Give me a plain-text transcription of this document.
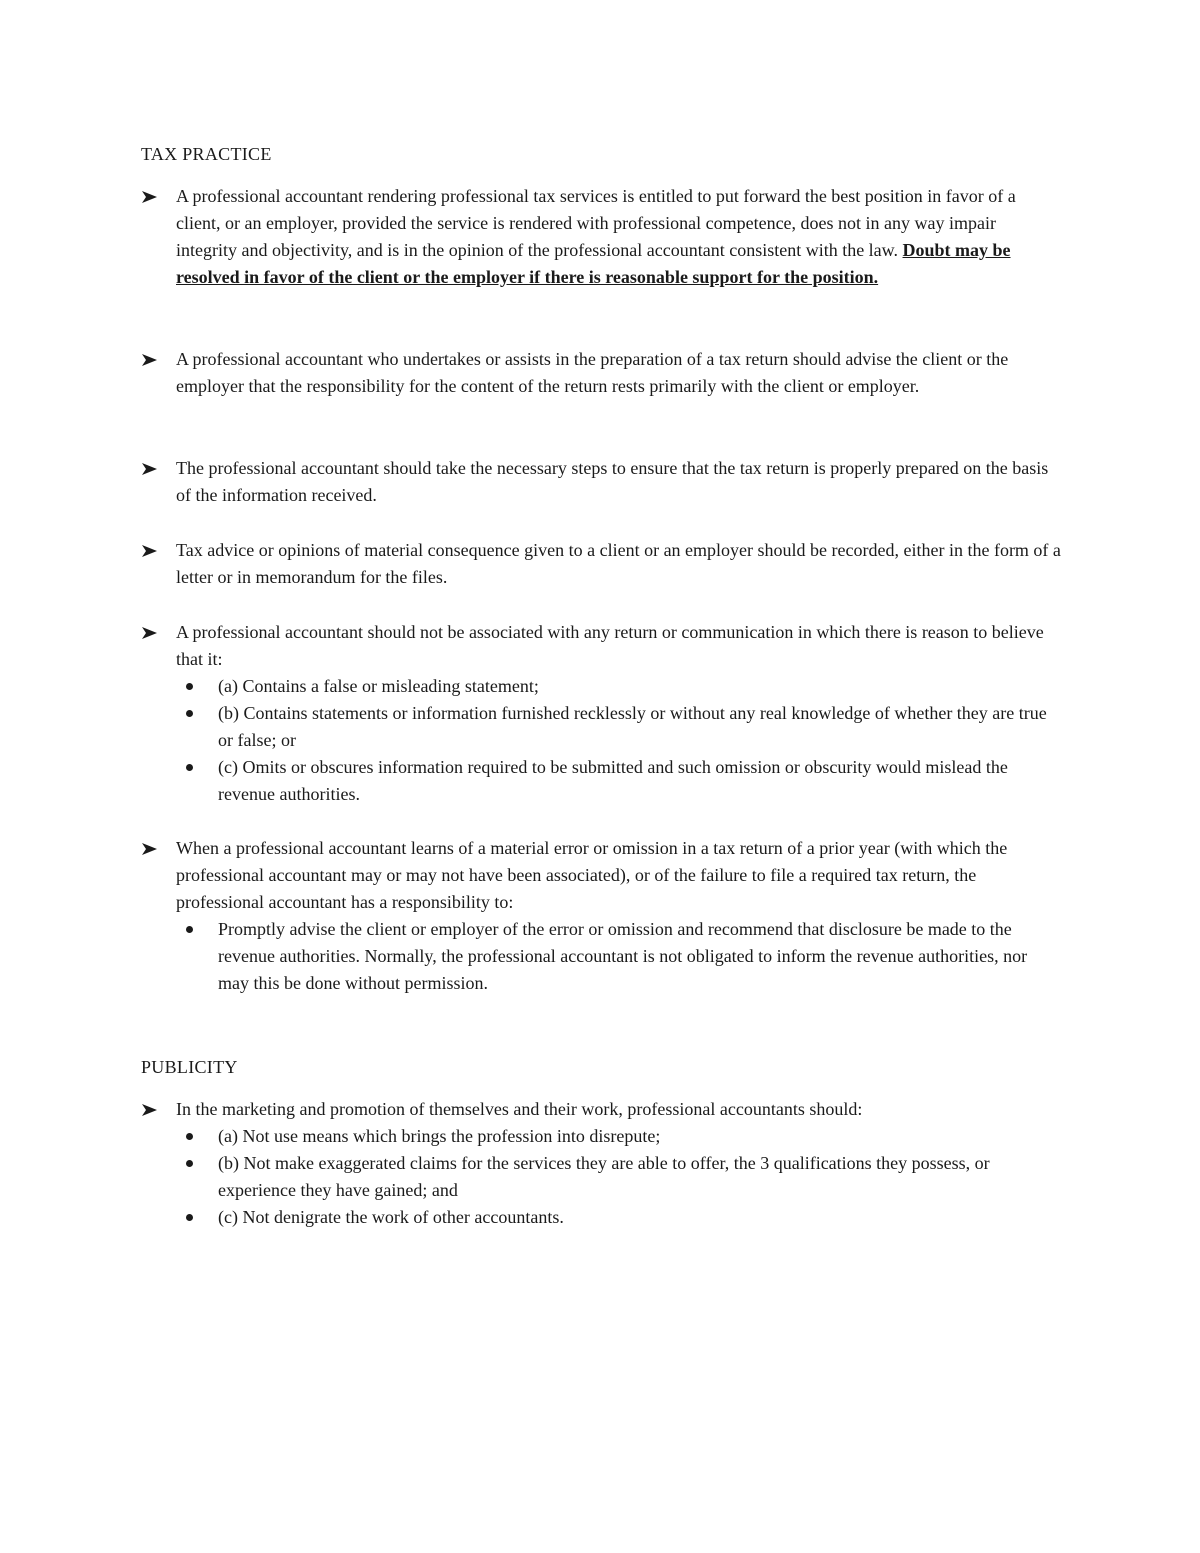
TAX PRACTICE
A professional accountant rendering professional tax services is entitled to put forward the best position in favor of a client, or an employer, provided the service is rendered with professional competence, does not in any way impair integrity and objectivity, and is in the opinion of the professional accountant consistent with the law. Doubt may be resolved in favor of the client or the employer if there is reasonable support for the position.
A professional accountant who undertakes or assists in the preparation of a tax return should advise the client or the employer that the responsibility for the content of the return rests primarily with the client or employer.
The professional accountant should take the necessary steps to ensure that the tax return is properly prepared on the basis of the information received.
Tax advice or opinions of material consequence given to a client or an employer should be recorded, either in the form of a letter or in memorandum for the files.
A professional accountant should not be associated with any return or communication in which there is reason to believe that it:
(a) Contains a false or misleading statement;
(b) Contains statements or information furnished recklessly or without any real knowledge of whether they are true or false; or
(c) Omits or obscures information required to be submitted and such omission or obscurity would mislead the revenue authorities.
When a professional accountant learns of a material error or omission in a tax return of a prior year (with which the professional accountant may or may not have been associated), or of the failure to file a required tax return, the professional accountant has a responsibility to:
Promptly advise the client or employer of the error or omission and recommend that disclosure be made to the revenue authorities. Normally, the professional accountant is not obligated to inform the revenue authorities, nor may this be done without permission.
PUBLICITY
In the marketing and promotion of themselves and their work, professional accountants should:
(a) Not use means which brings the profession into disrepute;
(b) Not make exaggerated claims for the services they are able to offer, the 3 qualifications they possess, or experience they have gained; and
(c) Not denigrate the work of other accountants.
